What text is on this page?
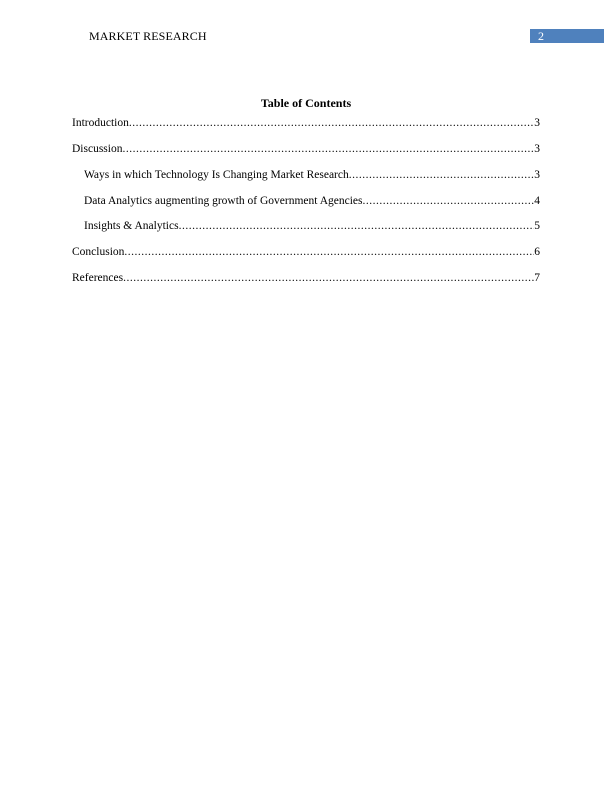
MARKET RESEARCH	2
Table of Contents
Introduction .....	3
Discussion .....	3
Ways in which Technology Is Changing Market Research .....	3
Data Analytics augmenting growth of Government Agencies .....	4
Insights & Analytics .....	5
Conclusion .....	6
References .....	7
